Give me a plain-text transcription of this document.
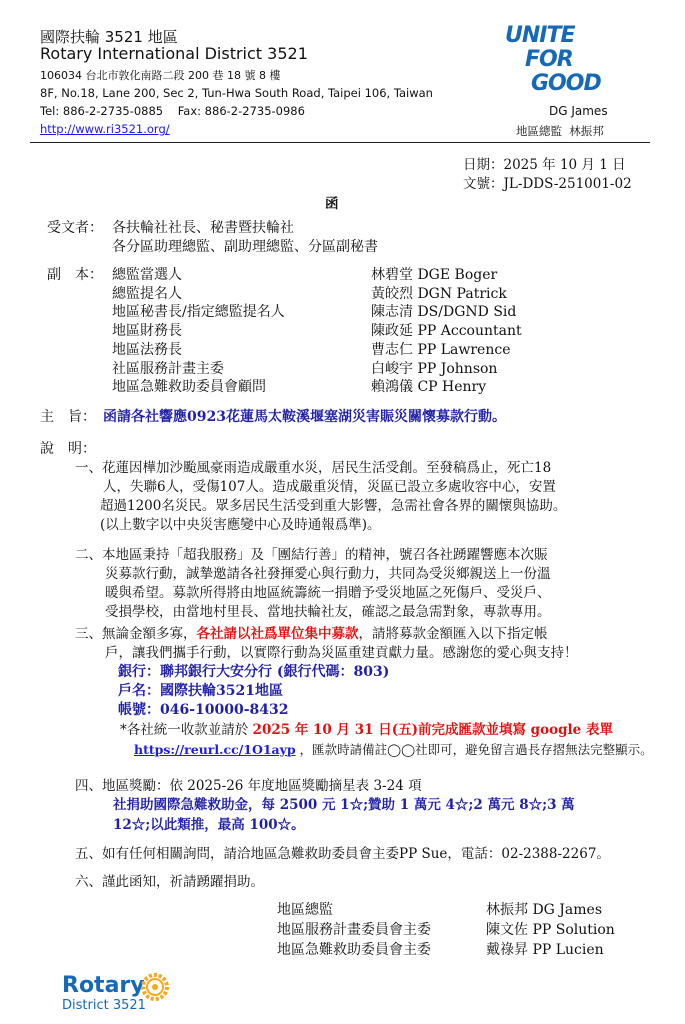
國際扶輪 3521 地區
Rotary International District 3521
106034 台北市敦化南路二段 200 巷 18 號 8 樓
8F, No.18, Lane 200, Sec 2, Tun-Hwa South Road, Taipei 106, Taiwan
Tel: 886-2-2735-0885    Fax: 886-2-2735-0986
http://www.ri3521.org/
UNITE
FOR
GOOD
DG James
地區總監  林振邦
日期：2025 年 10 月 1 日
文號：JL-DDS-251001-02
函
受文者： 各扶輪社社長、秘書暨扶輪社
各分區助理總監、副助理總監、分區副秘書
副　本： 總監當選人	林碧堂 DGE Boger
總監提名人	黃皎烈 DGN Patrick
地區秘書長/指定總監提名人	陳志清 DS/DGND Sid
地區財務長	陳政延 PP Accountant
地區法務長	曹志仁 PP Lawrence
社區服務計畫主委	白峻宇 PP Johnson
地區急難救助委員會顧問	賴鴻儀 CP Henry
主　旨： 函請各社響應0923花蓮馬太鞍溪堰塞湖災害賑災關懷募款行動。
說　明：
一、花蓮因樺加沙颱風豪雨造成嚴重水災，居民生活受創。至發稿爲止，死亡18
人，失聯6人，受傷107人。造成嚴重災情，災區已設立多處收容中心，安置
超過1200名災民。眾多居民生活受到重大影響，急需社會各界的關懷與協助。
(以上數字以中央災害應變中心及時通報爲準)。
二、本地區秉持「超我服務」及「團結行善」的精神，號召各社踴躍響應本次賑
災募款行動，誠摯邀請各社發揮愛心與行動力，共同為受災鄉親送上一份溫
暖與希望。募款所得將由地區統籌統一捐贈予受災地區之死傷戶、受災戶、
受損學校，由當地村里長、當地扶輪社友，確認之最急需對象，專款專用。
三、無論金額多寡，各社請以社爲單位集中募款，請將募款金額匯入以下指定帳
戶，讓我們攜手行動，以實際行動為災區重建貢獻力量。感謝您的愛心與支持！
銀行：聯邦銀行大安分行 (銀行代碼：803)
戶名：國際扶輪3521地區
帳號：046-10000-8432
*各社統一收款並請於 2025 年 10 月 31 日(五)前完成匯款並填寫 google 表單
https://reurl.cc/1O1ayp ，匯款時請備註◯◯社即可，避免留言過長存摺無法完整顯示。
四、地區獎勵：依 2025-26 年度地區獎勵摘星表 3-24 項
社捐助國際急難救助金，每 2500 元 1☆;贊助 1 萬元 4☆;2 萬元 8☆;3 萬
12☆;以此類推，最高 100☆。
五、如有任何相關詢問，請洽地區急難救助委員會主委PP Sue，電話：02-2388-2267。
六、謹此函知，祈請踴躍捐助。
地區總監	林振邦 DG James
地區服務計畫委員會主委	陳文佐 PP Solution
地區急難救助委員會主委	戴祿昇 PP Lucien
Rotary
District 3521
